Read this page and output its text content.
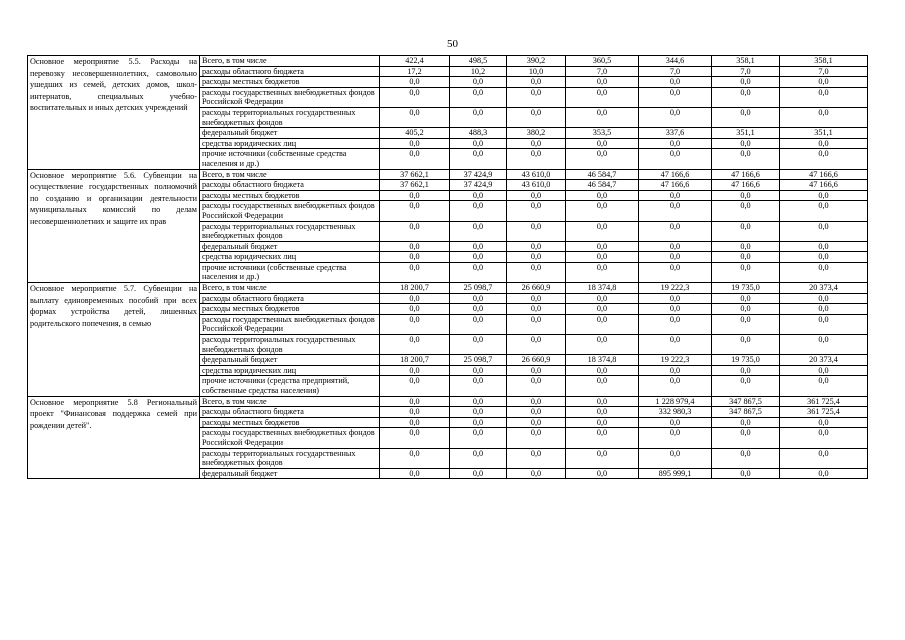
50
Основное мероприятие 5.5. Расходы на перевозку несовершеннолетних, самовольно ушедших из семей, детских домов, школ-интернатов, специальных учебно-воспитательных и иных детских учреждений	Всего, в том числе	422,4	498,5	390,2	360,5	344,6	358,1	358,1
	расходы областного бюджета	17,2	10,2	10,0	7,0	7,0	7,0	7,0
	расходы местных бюджетов	0,0	0,0	0,0	0,0	0,0	0,0	0,0
	расходы государственных внебюджетных фондов Российской Федерации	0,0	0,0	0,0	0,0	0,0	0,0	0,0
	расходы территориальных государственных внебюджетных фондов	0,0	0,0	0,0	0,0	0,0	0,0	0,0
	федеральный бюджет	405,2	488,3	380,2	353,5	337,6	351,1	351,1
	средства юридических лиц	0,0	0,0	0,0	0,0	0,0	0,0	0,0
	прочие источники (собственные средства населения и др.)	0,0	0,0	0,0	0,0	0,0	0,0	0,0
Основное мероприятие 5.6. Субвенции на осуществление государственных полномочий по созданию и организации деятельности муниципальных комиссий по делам несовершеннолетних и защите их прав	Всего, в том числе	37 662,1	37 424,9	43 610,0	46 584,7	47 166,6	47 166,6	47 166,6
	расходы областного бюджета	37 662,1	37 424,9	43 610,0	46 584,7	47 166,6	47 166,6	47 166,6
	расходы местных бюджетов	0,0	0,0	0,0	0,0	0,0	0,0	0,0
	расходы государственных внебюджетных фондов Российской Федерации	0,0	0,0	0,0	0,0	0,0	0,0	0,0
	расходы территориальных государственных внебюджетных фондов	0,0	0,0	0,0	0,0	0,0	0,0	0,0
	федеральный бюджет	0,0	0,0	0,0	0,0	0,0	0,0	0,0
	средства юридических лиц	0,0	0,0	0,0	0,0	0,0	0,0	0,0
	прочие источники (собственные средства населения и др.)	0,0	0,0	0,0	0,0	0,0	0,0	0,0
Основное мероприятие 5.7. Субвенции на выплату единовременных пособий при всех формах устройства детей, лишенных родительского попечения, в семью	Всего, в том числе	18 200,7	25 098,7	26 660,9	18 374,8	19 222,3	19 735,0	20 373,4
	расходы областного бюджета	0,0	0,0	0,0	0,0	0,0	0,0	0,0
	расходы местных бюджетов	0,0	0,0	0,0	0,0	0,0	0,0	0,0
	расходы государственных внебюджетных фондов Российской Федерации	0,0	0,0	0,0	0,0	0,0	0,0	0,0
	расходы территориальных государственных внебюджетных фондов	0,0	0,0	0,0	0,0	0,0	0,0	0,0
	федеральный бюджет	18 200,7	25 098,7	26 660,9	18 374,8	19 222,3	19 735,0	20 373,4
	средства юридических лиц	0,0	0,0	0,0	0,0	0,0	0,0	0,0
	прочие источники (средства предприятий, собственные средства населения)	0,0	0,0	0,0	0,0	0,0	0,0	0,0
Основное мероприятие 5.8 Региональный проект "Финансовая поддержка семей при рождении детей".	Всего, в том числе	0,0	0,0	0,0	0,0	1 228 979,4	347 867,5	361 725,4
	расходы областного бюджета	0,0	0,0	0,0	0,0	332 980,3	347 867,5	361 725,4
	расходы местных бюджетов	0,0	0,0	0,0	0,0	0,0	0,0	0,0
	расходы государственных внебюджетных фондов Российской Федерации	0,0	0,0	0,0	0,0	0,0	0,0	0,0
	расходы территориальных государственных внебюджетных фондов	0,0	0,0	0,0	0,0	0,0	0,0	0,0
	федеральный бюджет	0,0	0,0	0,0	0,0	895 999,1	0,0	0,0
